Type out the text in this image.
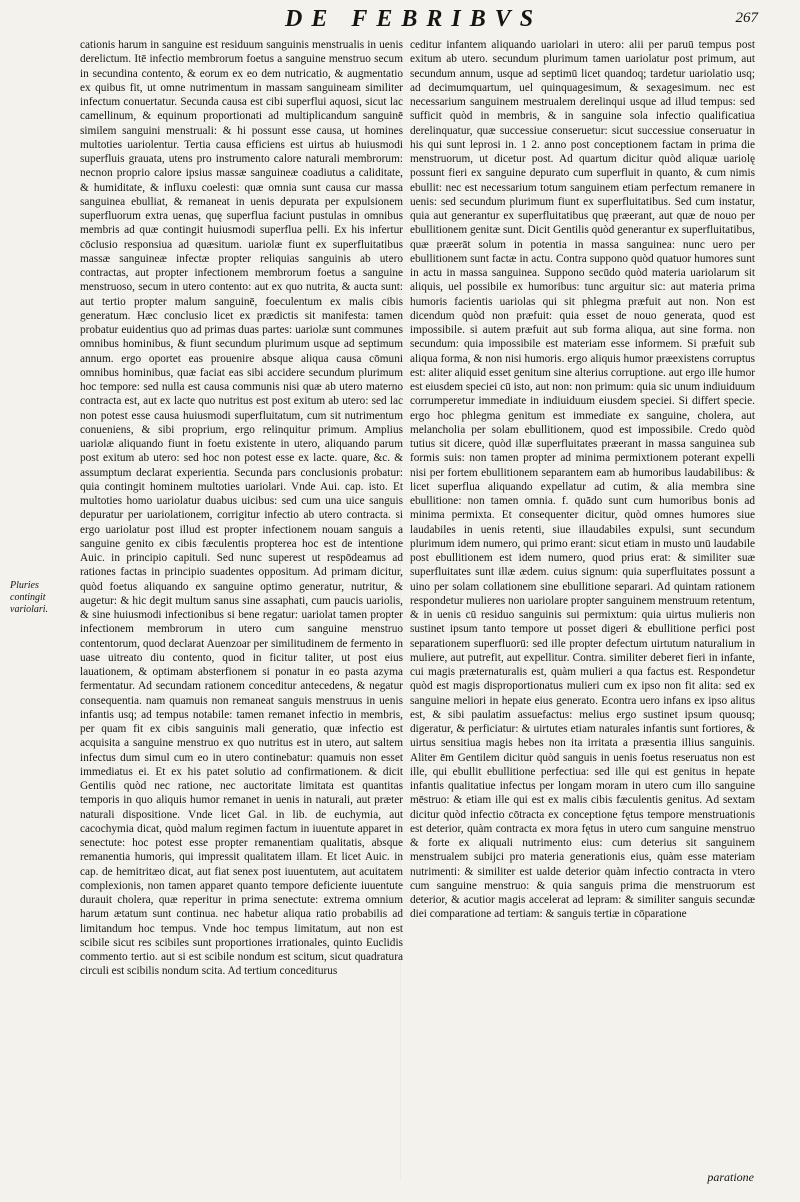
DE FEBRIBVS	267
Pluries contingit variolari.

cationis harum in sanguine est residuum sanguinis menstrualis in uenis derelictum. Itē infectio membrorum foetus a sanguine menstruo secum in secundina contento, & eorum ex eo dem nutricatio, & augmentatio ex quibus fit, ut omne nutrimentum in massam sanguineam similiter infectum conuertatur. Secunda causa est cibi superflui aquosi, sicut lac camellinum, & equinum proportionati ad multiplicandum sanguinē similem sanguini menstruali: & hi possunt esse causa, ut homines multoties uariolentur. Tertia causa efficiens est uirtus ab huiusmodi superfluis grauata, utens pro instrumento calore naturali membrorum: necnon proprio calore ipsius massæ sanguineæ coadiutus a caliditate, & humiditate, & influxu coelesti: quæ omnia sunt causa cur massa sanguinea ebulliat, & remaneat in uenis depurata per expulsionem superfluorum extra uenas, quę superflua faciunt pustulas in omnibus membris ad quæ contingit huiusmodi superflua pelli. Ex his infertur cōclusio responsiua ad quæsitum. uariolæ fiunt ex superfluitatibus massæ sanguineæ infectæ propter reliquias sanguinis ab utero contractas, aut propter infectionem membrorum foetus a sanguine menstruoso, secum in utero contento: aut ex quo nutrita, & aucta sunt: aut tertio propter malum sanguinē, foeculentum ex malis cibis generatum. Hæc conclusio licet ex prædictis sit manifesta: tamen probatur euidentius quo ad primas duas partes: uariolæ sunt communes omnibus hominibus, & fiunt secundum plurimum usque ad septimum annum. ergo oportet eas prouenire absque aliqua causa cōmuni omnibus hominibus, quæ faciat eas sibi accidere secundum plurimum hoc tempore: sed nulla est causa communis nisi quæ ab utero materno contracta est, aut ex lacte quo nutritus est post exitum ab utero: sed lac non potest esse causa huiusmodi superfluitatum, cum sit nutrimentum conueniens, & sibi proprium, ergo relinquitur primum. Amplius uariolæ aliquando fiunt in foetu existente in utero, aliquando parum post exitum ab utero: sed hoc non potest esse ex lacte. quare, &c. & assumptum declarat experientia. Secunda pars conclusionis probatur: quia contingit hominem multoties uariolari. Vnde Aui. cap. isto. Et multoties homo uariolatur duabus uicibus: sed cum una uice sanguis depuratur per uariolationem, corrigitur infectio ab utero contracta. si ergo uariolatur post illud est propter infectionem nouam sanguis a sanguine genito ex cibis fæculentis propterea hoc est de intentione Auic. in principio capituli. Sed nunc superest ut respōdeamus ad rationes factas in principio suadentes oppositum. Ad primam dicitur, quòd foetus aliquando ex sanguine optimo generatur, nutritur, & augetur: & hic degit multum sanus sine assaphati, cum paucis uariolis, & sine huiusmodi infectionibus si bene regatur: uariolat tamen propter infectionem membrorum in utero cum sanguine menstruo contentorum, quod declarat Auenzoar per similitudinem de fermento in uase uitreato diu contento, quod in ficitur taliter, ut post eius lauationem, & optimam absterfionem si ponatur in eo pasta azyma fermentatur. Ad secundam rationem conceditur antecedens, & negatur consequentia. nam quamuis non remaneat sanguis menstruus in uenis infantis usq; ad tempus notabile: tamen remanet infectio in membris, per quam fit ex cibis sanguinis mali generatio, quæ infectio est acquisita a sanguine menstruo ex quo nutritus est in utero, aut saltem infectus dum simul cum eo in utero continebatur: quamuis non esset immediatus ei. Et ex his patet solutio ad confirmationem. & dicit Gentilis quòd nec ratione, nec auctoritate limitata est quantitas temporis in quo aliquis humor remanet in uenis in naturali, aut præter naturali dispositione. Vnde licet Gal. in lib. de euchymia, aut cacochymia dicat, quòd malum regimen factum in iuuentute apparet in senectute: hoc potest esse propter remanentiam qualitatis, absque remanentia humoris, qui impressit qualitatem illam. Et licet Auic. in cap. de hemitritæo dicat, aut fiat senex post iuuentutem, aut acuitatem complexionis, non tamen apparet quanto tempore deficiente iuuentute durauit cholera, quæ reperitur in prima senectute: extrema omnium harum ætatum sunt continua. nec habetur aliqua ratio probabilis ad limitandum hoc tempus. Vnde hoc tempus limitatum, aut non est scibile sicut res scibiles sunt proportiones irrationales, quinto Euclidis commento tertio. aut si est scibile nondum est scitum, sicut quadratura circuli est scibilis nondum scita. Ad tertium concediturus

ceditur infantem aliquando uariolari in utero: alii per paruū tempus post exitum ab utero. secundum plurimum tamen uariolatur post primum, aut secundum annum, usque ad septimū licet quandoq; tardetur uariolatio usq; ad decimumquartum, uel quinquagesimum, & sexagesimum. nec est necessarium sanguinem mestrualem derelinqui usque ad illud tempus: sed sufficit quòd in membris, & in sanguine sola infectio qualificatiua derelinquatur, quæ successiue conseruetur: sicut successiue conseruatur in his qui sunt leprosi in. 1 2. anno post conceptionem factam in prima die menstruorum, ut dicetur post. Ad quartum dicitur quòd aliquæ uariolę possunt fieri ex sanguine depurato cum superfluit in quanto, & cum nimis ebullit: nec est necessarium totum sanguinem etiam perfectum remanere in uenis: sed secundum plurimum fiunt ex superfluitatibus. Sed cum instatur, quia aut generantur ex superfluitatibus quę præerant, aut quæ de nouo per ebullitionem genitæ sunt. Dicit Gentilis quòd generantur ex superfluitatibus, quæ præerāt solum in potentia in massa sanguinea: nunc uero per ebullitionem sunt factæ in actu. Contra suppono quòd quatuor humores sunt in actu in massa sanguinea. Suppono secūdo quòd materia uariolarum sit aliquis, uel possibile ex humoribus: tunc arguitur sic: aut materia prima humoris facientis uariolas qui sit phlegma præfuit aut non. Non est dicendum quòd non præfuit: quia esset de nouo generata, quod est impossibile. si autem præfuit aut sub forma aliqua, aut sine forma. non secundum: quia impossibile est materiam esse informem. Si præfuit sub aliqua forma, & non nisi humoris. ergo aliquis humor præexistens corruptus est: aliter aliquid esset genitum sine alterius corruptione. aut ergo ille humor est eiusdem speciei cū isto, aut non: non primum: quia sic unum indiuiduum corrumperetur immediate in indiuiduum eiusdem speciei. Si differt specie. ergo hoc phlegma genitum est immediate ex sanguine, cholera, aut melancholia per solam ebullitionem, quod est impossibile. Credo quòd tutius sit dicere, quòd illæ superfluitates præerant in massa sanguinea sub formis suis: non tamen propter ad minima permixtionem poterant expelli nisi per fortem ebullitionem separantem eam ab humoribus laudabilibus: & licet superflua aliquando expellatur ad cutim, & alia membra sine ebullitione: non tamen omnia. f. quādo sunt cum humoribus bonis ad minima permixta. Et consequenter dicitur, quòd omnes humores siue laudabiles in uenis retenti, siue illaudabiles expulsi, sunt secundum plurimum idem numero, qui primo erant: sicut etiam in musto unū laudabile post ebullitionem est idem numero, quod prius erat: & similiter suæ superfluitates sunt illæ ædem. cuius signum: quia superfluitates possunt a uino per solam collationem sine ebullitione separari. Ad quintam rationem respondetur mulieres non uariolare propter sanguinem menstruum retentum, & in uenis cū residuo sanguinis sui permixtum: quia uirtus mulieris non sustinet ipsum tanto tempore ut posset digeri & ebullitione perfici post separationem superfluorū: sed ille propter defectum uirtutum naturalium in muliere, aut putrefit, aut expellitur. Contra. similiter deberet fieri in infante, cui magis præternaturalis est, quàm mulieri a qua factus est. Respondetur quòd est magis disproportionatus mulieri cum ex ipso non fit alita: sed ex sanguine meliori in hepate eius generato. Econtra uero infans ex ipso alitus est, & sibi paulatim assuefactus: melius ergo sustinet ipsum quousq; digeratur, & perficiatur: & uirtutes etiam naturales infantis sunt fortiores, & uirtus sensitiua magis hebes non ita irritata a præsentia illius sanguinis. Aliter ēm Gentilem dicitur quòd sanguis in uenis foetus reseruatus non est ille, qui ebullit ebullitione perfectiua: sed ille qui est genitus in hepate infantis qualitatiue infectus per longam moram in utero cum illo sanguine mēstruo: & etiam ille qui est ex malis cibis fæculentis genitus. Ad sextam dicitur quòd infectio cōtracta ex conceptione fętus tempore menstruationis est deterior, quàm contracta ex mora fętus in utero cum sanguine menstruo & forte ex aliquali nutrimento eius: cum deterius sit sanguinem menstrualem subijci pro materia generationis eius, quàm esse materiam nutrimenti: & similiter est ualde deterior quàm infectio contracta in vtero cum sanguine menstruo: & quia sanguis prima die menstruorum est deterior, & acutior magis accelerat ad lepram: & similiter sanguis secundæ diei comparatione ad tertiam: & sanguis tertiæ in cōparatione

paratione
